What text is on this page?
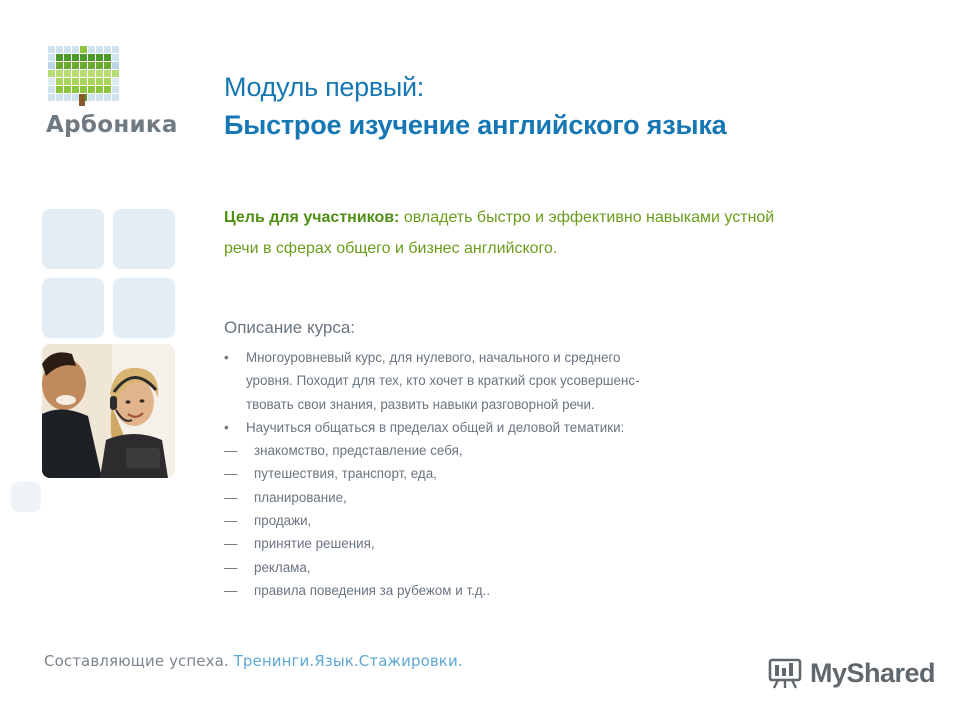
Арбоника
Модуль первый:
Быстрое изучение английского языка
Цель для участников: овладеть быстро и эффективно навыками устной речи в сферах общего и бизнес английского.
Описание курса:
•	Многоуровневый курс, для нулевого, начального и среднего
уровня. Походит для тех, кто хочет в краткий срок усовершенс-
твовать свои знания, развить навыки разговорной речи.
•	Научиться общаться в пределах общей и деловой тематики:
—	знакомство, представление себя,
—	путешествия, транспорт, еда,
—	планирование,
—	продажи,
—	принятие решения,
—	реклама,
—	правила поведения за рубежом и т.д..
Составляющие успеха. Тренинги.Язык.Стажировки.	MyShared
